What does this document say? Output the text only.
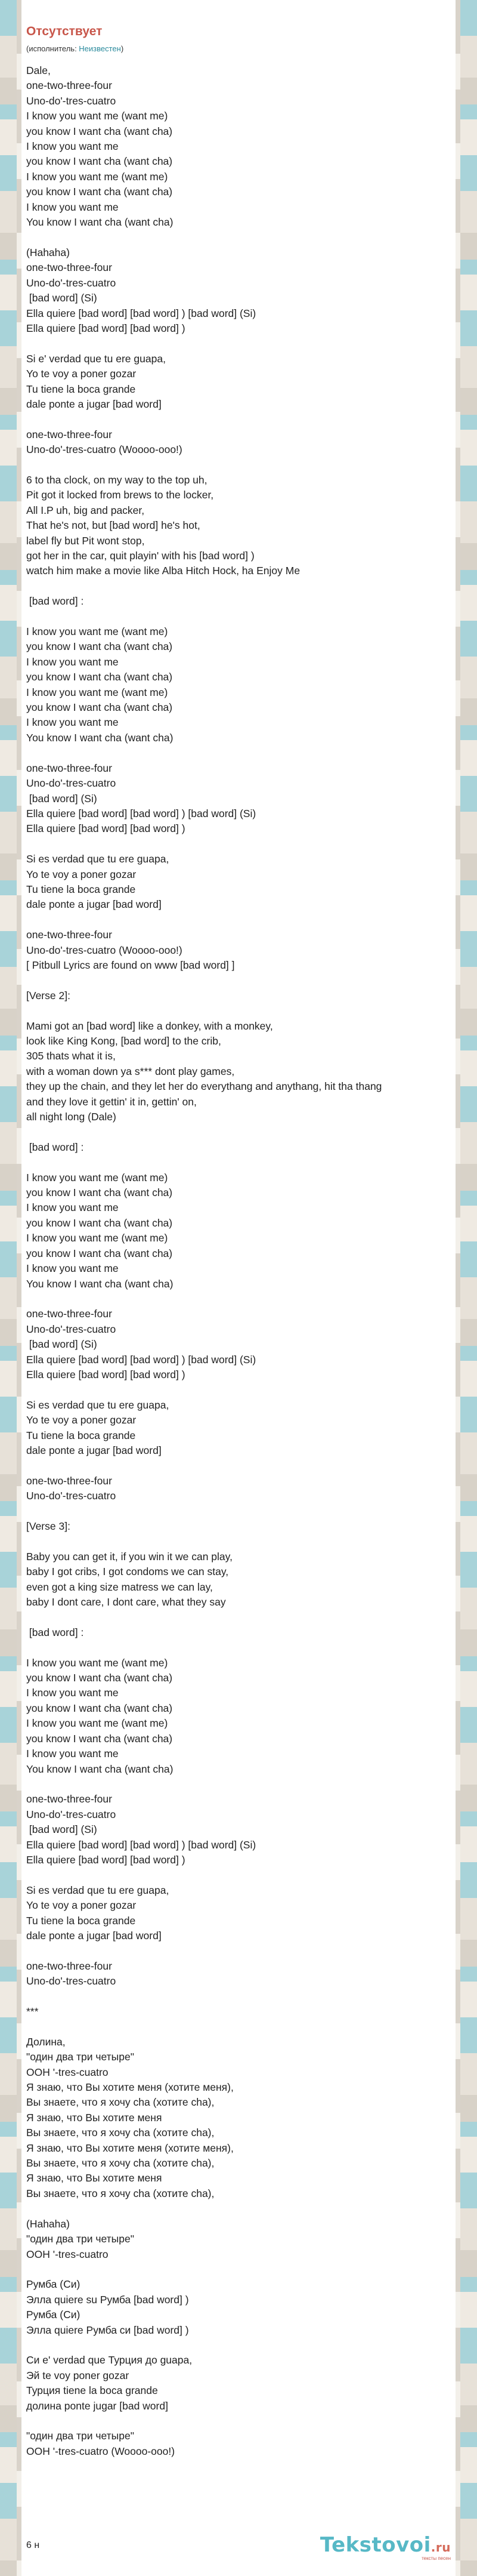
Отсутствует
(исполнитель: Неизвестен)
Dale,
one-two-three-four
Uno-do'-tres-cuatro
I know you want me (want me)
you know I want cha (want cha)
I know you want me
you know I want cha (want cha)
I know you want me (want me)
you know I want cha (want cha)
I know you want me
You know I want cha (want cha)

(Hahaha)
one-two-three-four
Uno-do'-tres-cuatro
[bad word] (Si)
Ella quiere [bad word] [bad word] ) [bad word] (Si)
Ella quiere [bad word] [bad word] )

Si e' verdad que tu ere guapa,
Yo te voy a poner gozar
Tu tiene la boca grande
dale ponte a jugar [bad word]

one-two-three-four
Uno-do'-tres-cuatro (Woooo-ooo!)

6 to tha clock, on my way to the top uh,
Pit got it locked from brews to the locker,
All I.P uh, big and packer,
That he's not, but [bad word] he's hot,
label fly but Pit wont stop,
got her in the car, quit playin' with his [bad word] )
watch him make a movie like Alba Hitch Hock, ha Enjoy Me

[bad word] :

I know you want me (want me)
you know I want cha (want cha)
I know you want me
you know I want cha (want cha)
I know you want me (want me)
you know I want cha (want cha)
I know you want me
You know I want cha (want cha)

one-two-three-four
Uno-do'-tres-cuatro
[bad word] (Si)
Ella quiere [bad word] [bad word] ) [bad word] (Si)
Ella quiere [bad word] [bad word] )

Si es verdad que tu ere guapa,
Yo te voy a poner gozar
Tu tiene la boca grande
dale ponte a jugar [bad word]

one-two-three-four
Uno-do'-tres-cuatro (Woooo-ooo!)
[ Pitbull Lyrics are found on www [bad word] ]

[Verse 2]:

Mami got an [bad word] like a donkey, with a monkey,
look like King Kong, [bad word] to the crib,
305 thats what it is,
with a woman down ya s*** dont play games,
they up the chain, and they let her do everythang and anythang, hit tha thang
and they love it gettin' it in, gettin' on,
all night long (Dale)

[bad word] :

I know you want me (want me)
you know I want cha (want cha)
I know you want me
you know I want cha (want cha)
I know you want me (want me)
you know I want cha (want cha)
I know you want me
You know I want cha (want cha)

one-two-three-four
Uno-do'-tres-cuatro
[bad word] (Si)
Ella quiere [bad word] [bad word] ) [bad word] (Si)
Ella quiere [bad word] [bad word] )

Si es verdad que tu ere guapa,
Yo te voy a poner gozar
Tu tiene la boca grande
dale ponte a jugar [bad word]

one-two-three-four
Uno-do'-tres-cuatro

[Verse 3]:

Baby you can get it, if you win it we can play,
baby I got cribs, I got condoms we can stay,
even got a king size matress we can lay,
baby I dont care, I dont care, what they say

[bad word] :

I know you want me (want me)
you know I want cha (want cha)
I know you want me
you know I want cha (want cha)
I know you want me (want me)
you know I want cha (want cha)
I know you want me
You know I want cha (want cha)

one-two-three-four
Uno-do'-tres-cuatro
[bad word] (Si)
Ella quiere [bad word] [bad word] ) [bad word] (Si)
Ella quiere [bad word] [bad word] )

Si es verdad que tu ere guapa,
Yo te voy a poner gozar
Tu tiene la boca grande
dale ponte a jugar [bad word]

one-two-three-four
Uno-do'-tres-cuatro

***

Долина,
"один два три четыре"
ООН '-tres-cuatro
Я знаю, что Вы хотите меня (хотите меня),
Вы знаете, что я хочу cha (хотите cha),
Я знаю, что Вы хотите меня
Вы знаете, что я хочу cha (хотите cha),
Я знаю, что Вы хотите меня (хотите меня),
Вы знаете, что я хочу cha (хотите cha),
Я знаю, что Вы хотите меня
Вы знаете, что я хочу cha (хотите cha),

(Hahaha)
"один два три четыре"
ООН '-tres-cuatro

Румба (Си)
Элла quiere su Румба [bad word] )
Румба (Си)
Элла quiere Румба си [bad word] )

Си e' verdad que Турция до guapa,
Эй te voy poner gozar
Турция tiene la boca grande
долина ponte jugar [bad word]

"один два три четыре"
ООН '-tres-cuatro (Woooo-ooo!)
6 н	Tekstovoi.ru
тексты песен
